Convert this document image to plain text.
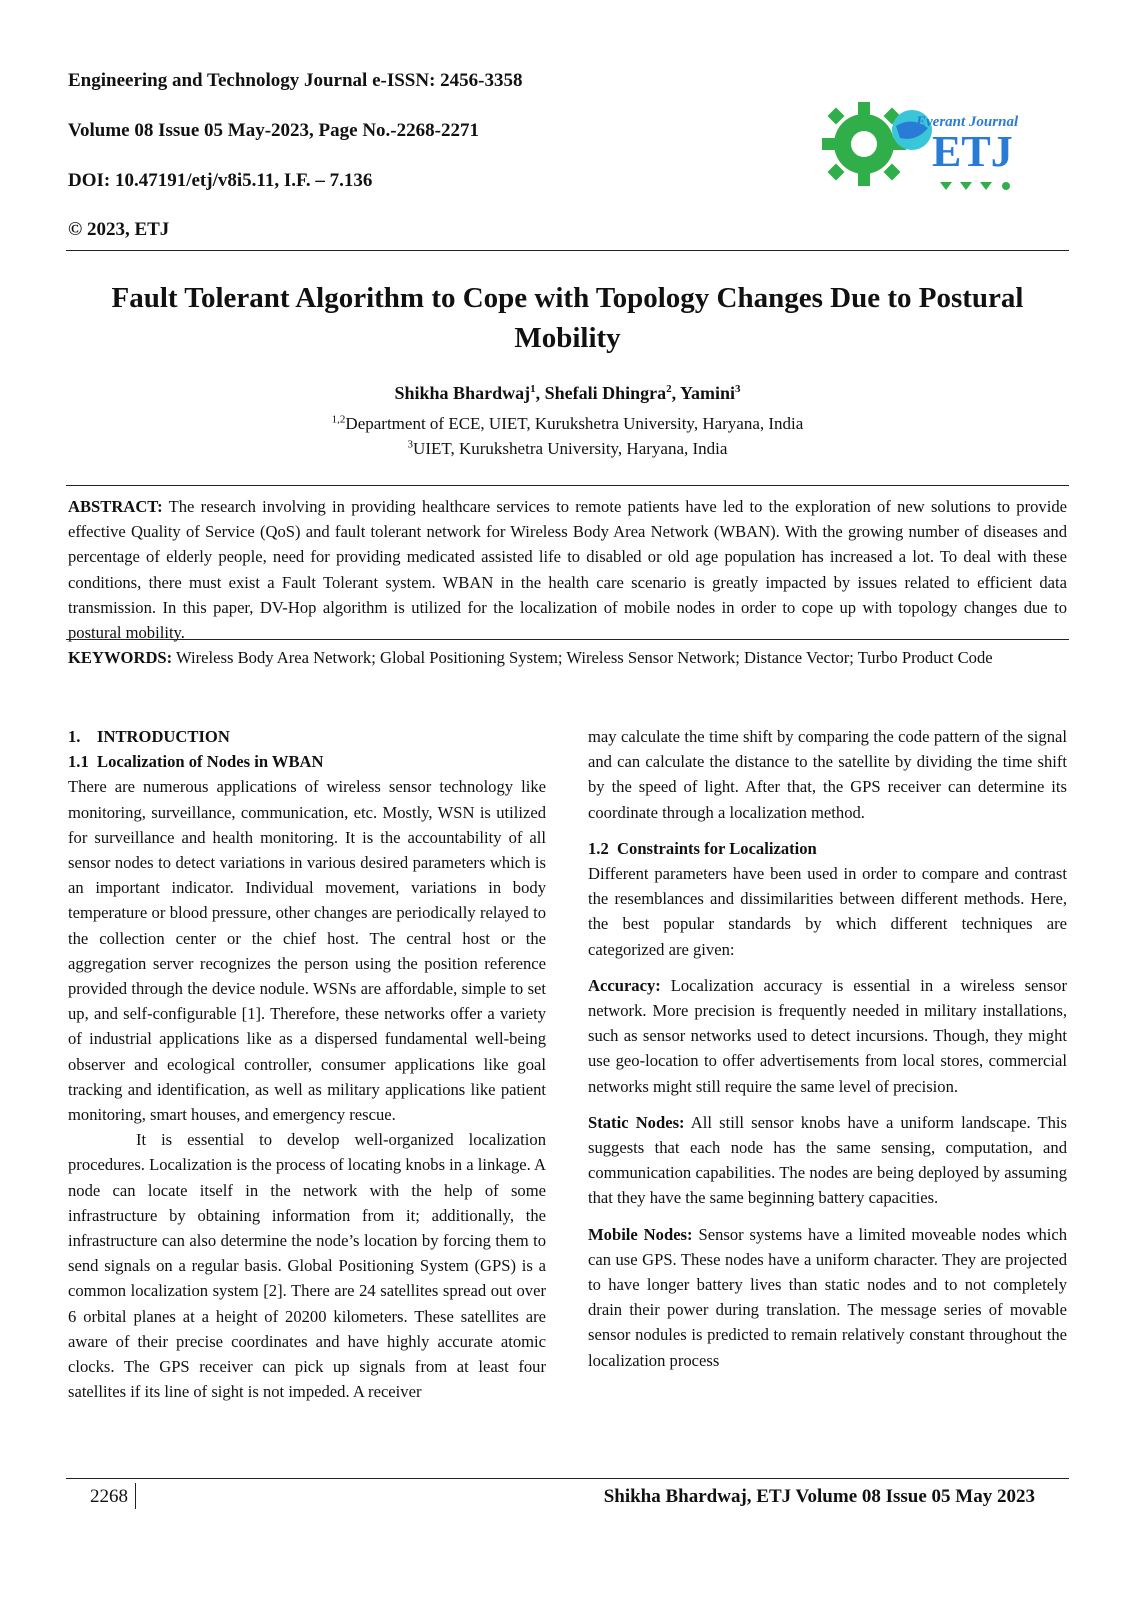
Engineering and Technology Journal e-ISSN: 2456-3358
Volume 08 Issue 05 May-2023, Page No.-2268-2271
DOI: 10.47191/etj/v8i5.11, I.F. – 7.136
© 2023, ETJ
Everant Journal
ETJ
Fault Tolerant Algorithm to Cope with Topology Changes Due to Postural Mobility
Shikha Bhardwaj$^1$, Shefali Dhingra$^2$, Yamini$^3$
$^{1,2}$Department of ECE, UIET, Kurukshetra University, Haryana, India
$^3$UIET, Kurukshetra University, Haryana, India
ABSTRACT: The research involving in providing healthcare services to remote patients have led to the exploration of new solutions to provide effective Quality of Service (QoS) and fault tolerant network for Wireless Body Area Network (WBAN). With the growing number of diseases and percentage of elderly people, need for providing medicated assisted life to disabled or old age population has increased a lot. To deal with these conditions, there must exist a Fault Tolerant system. WBAN in the health care scenario is greatly impacted by issues related to efficient data transmission. In this paper, DV-Hop algorithm is utilized for the localization of mobile nodes in order to cope up with topology changes due to postural mobility.
KEYWORDS: Wireless Body Area Network; Global Positioning System; Wireless Sensor Network; Distance Vector; Turbo Product Code

1.    INTRODUCTION

1.1  Localization of Nodes in WBAN

There are numerous applications of wireless sensor technology like monitoring, surveillance, communication, etc. Mostly, WSN is utilized for surveillance and health monitoring. It is the accountability of all sensor nodes to detect variations in various desired parameters which is an important indicator. Individual movement, variations in body temperature or blood pressure, other changes are periodically relayed to the collection center or the chief host. The central host or the aggregation server recognizes the person using the position reference provided through the device nodule. WSNs are affordable, simple to set up, and self-configurable [1]. Therefore, these networks offer a variety of industrial applications like as a dispersed fundamental well-being observer and ecological controller, consumer applications like goal tracking and identification, as well as military applications like patient monitoring, smart houses, and emergency rescue.

It is essential to develop well-organized localization procedures. Localization is the process of locating knobs in a linkage. A node can locate itself in the network with the help of some infrastructure by obtaining information from it; additionally, the infrastructure can also determine the node’s location by forcing them to send signals on a regular basis. Global Positioning System (GPS) is a common localization system [2]. There are 24 satellites spread out over 6 orbital planes at a height of 20200 kilometers. These satellites are aware of their precise coordinates and have highly accurate atomic clocks. The GPS receiver can pick up signals from at least four satellites if its line of sight is not impeded. A receiver

may calculate the time shift by comparing the code pattern of the signal and can calculate the distance to the satellite by dividing the time shift by the speed of light. After that, the GPS receiver can determine its coordinate through a localization method.

1.2  Constraints for Localization

Different parameters have been used in order to compare and contrast the resemblances and dissimilarities between different methods. Here, the best popular standards by which different techniques are categorized are given:

Accuracy: Localization accuracy is essential in a wireless sensor network. More precision is frequently needed in military installations, such as sensor networks used to detect incursions. Though, they might use geo-location to offer advertisements from local stores, commercial networks might still require the same level of precision.

Static Nodes: All still sensor knobs have a uniform landscape. This suggests that each node has the same sensing, computation, and communication capabilities. The nodes are being deployed by assuming that they have the same beginning battery capacities.

Mobile Nodes: Sensor systems have a limited moveable nodes which can use GPS. These nodes have a uniform character. They are projected to have longer battery lives than static nodes and to not completely drain their power during translation. The message series of movable sensor nodules is predicted to remain relatively constant throughout the localization process

2268	Shikha Bhardwaj, ETJ Volume 08 Issue 05 May 2023
